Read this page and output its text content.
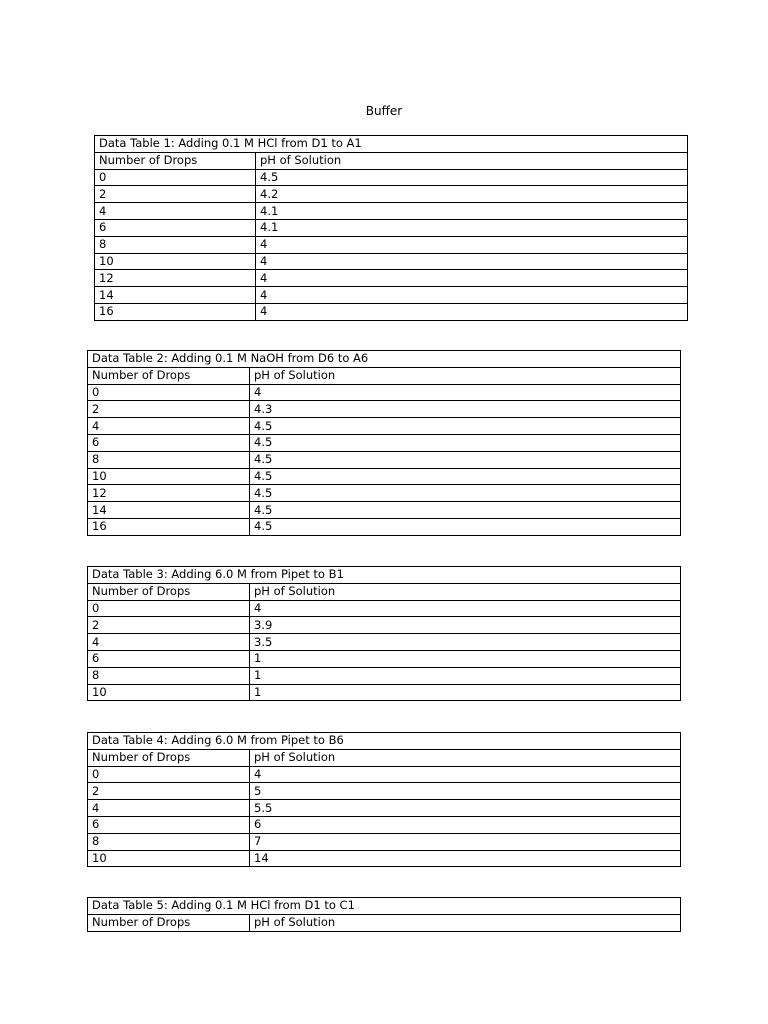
Buffer
Data Table 1: Adding 0.1 M HCl from D1 to A1	
Number of Drops	pH of Solution
0	4.5
2	4.2
4	4.1
6	4.1
8	4
10	4
12	4
14	4
16	4
Data Table 2: Adding 0.1 M NaOH from D6 to A6	
Number of Drops	pH of Solution
0	4
2	4.3
4	4.5
6	4.5
8	4.5
10	4.5
12	4.5
14	4.5
16	4.5
Data Table 3: Adding 6.0 M from Pipet to B1	
Number of Drops	pH of Solution
0	4
2	3.9
4	3.5
6	1
8	1
10	1
Data Table 4: Adding 6.0 M from Pipet to B6	
Number of Drops	pH of Solution
0	4
2	5
4	5.5
6	6
8	7
10	14
Data Table 5: Adding 0.1 M HCl from D1 to C1
Number of Drops	pH of Solution
